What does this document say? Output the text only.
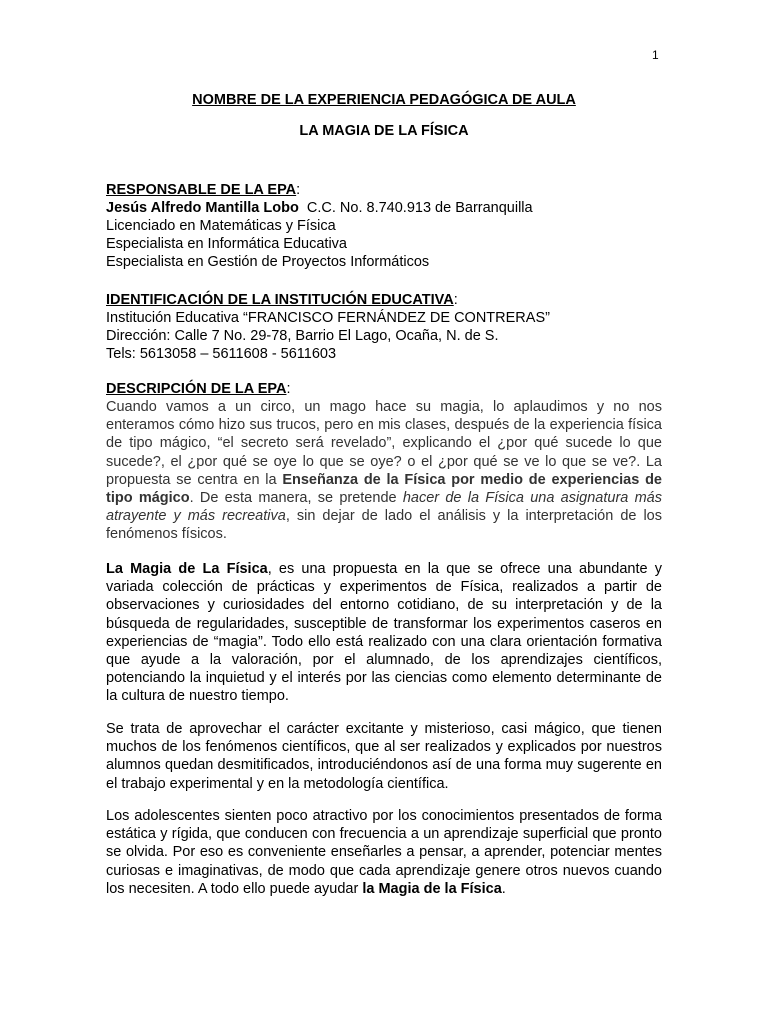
1
NOMBRE DE LA EXPERIENCIA PEDAGÓGICA DE AULA
LA MAGIA DE LA FÍSICA
RESPONSABLE DE LA EPA:
Jesús Alfredo Mantilla Lobo C.C. No. 8.740.913 de Barranquilla
Licenciado en Matemáticas y Física
Especialista en Informática Educativa
Especialista en Gestión de Proyectos Informáticos
IDENTIFICACIÓN DE LA INSTITUCIÓN EDUCATIVA:
Institución Educativa “FRANCISCO FERNÁNDEZ DE CONTRERAS”
Dirección: Calle 7 No. 29-78, Barrio El Lago, Ocaña, N. de S.
Tels: 5613058 – 5611608 - 5611603
DESCRIPCIÓN DE LA EPA:
Cuando vamos a un circo, un mago hace su magia, lo aplaudimos y no nos enteramos cómo hizo sus trucos, pero en mis clases, después de la experiencia física de tipo mágico, “el secreto será revelado”, explicando el ¿por qué sucede lo que sucede?, el ¿por qué se oye lo que se oye? o el ¿por qué se ve lo que se ve?. La propuesta se centra en la Enseñanza de la Física por medio de experiencias de tipo mágico. De esta manera, se pretende hacer de la Física una asignatura más atrayente y más recreativa, sin dejar de lado el análisis y la interpretación de los fenómenos físicos.
La Magia de La Física, es una propuesta en la que se ofrece una abundante y variada colección de prácticas y experimentos de Física, realizados a partir de observaciones y curiosidades del entorno cotidiano, de su interpretación y de la búsqueda de regularidades, susceptible de transformar los experimentos caseros en experiencias de “magia”. Todo ello está realizado con una clara orientación formativa que ayude a la valoración, por el alumnado, de los aprendizajes científicos, potenciando la inquietud y el interés por las ciencias como elemento determinante de la cultura de nuestro tiempo.
Se trata de aprovechar el carácter excitante y misterioso, casi mágico, que tienen muchos de los fenómenos científicos, que al ser realizados y explicados por nuestros alumnos quedan desmitificados, introduciéndonos así de una forma muy sugerente en el trabajo experimental y en la metodología científica.
Los adolescentes sienten poco atractivo por los conocimientos presentados de forma estática y rígida, que conducen con frecuencia a un aprendizaje superficial que pronto se olvida. Por eso es conveniente enseñarles a pensar, a aprender, potenciar mentes curiosas e imaginativas, de modo que cada aprendizaje genere otros nuevos cuando los necesiten. A todo ello puede ayudar la Magia de la Física.
